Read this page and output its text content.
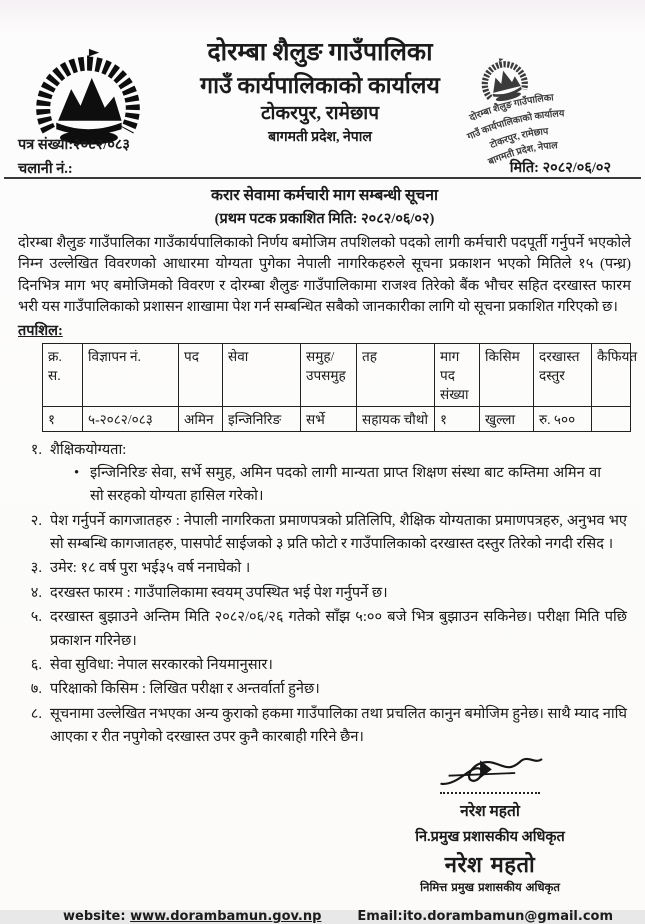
दोरम्बा शैलुङ गाउँपालिका
गाउँ कार्यपालिकाको कार्यालय
टोकरपुर, रामेछाप
बागमती प्रदेश, नेपाल
दोरम्बा शैलुङ गाउँपालिका
गाउँ कार्यपालिकाको कार्यालय
टोकरपुर, रामेछाप
बागमती प्रदेश, नेपाल
पत्र संख्या:२०८२/०८३
चलानी नं.:	मिति: २०८२/०६/०२
करार सेवामा कर्मचारी माग सम्बन्धी सूचना
(प्रथम पटक प्रकाशित मिति: २०८२/०६/०२)
दोरम्बा शैलुङ गाउँपालिका गाउँकार्यपालिकाको निर्णय बमोजिम तपशिलको पदको लागी कर्मचारी पदपूर्ती गर्नुपर्ने भएकोले निम्न उल्लेखित विवरणको आधारमा योग्यता पुगेका नेपाली नागरिकहरुले सूचना प्रकाशन भएको मितिले १५ (पन्ध्र) दिनभित्र माग भए बमोजिमको विवरण र दोरम्बा शैलुङ गाउँपालिकामा राजश्व तिरेको बैंक भौचर सहित दरखास्त फारम भरी यस गाउँपालिकाको प्रशासन शाखामा पेश गर्न सम्बन्धित सबैको जानकारीका लागि यो सूचना प्रकाशित गरिएको छ।
तपशिल:
क्र. स.	विज्ञापन नं.	पद	सेवा	समुह/ उपसमुह	तह	माग पद संख्या	किसिम	दरखास्त दस्तुर	कैफियत
१	५-२०८२/०८३	अमिन	इन्जिनिरिङ	सर्भे	सहायक चौथो	१	खुल्ला	रु. ५००	
१. शैक्षिकयोग्यता:
• इन्जिनिरिङ सेवा, सर्भे समुह, अमिन पदको लागी मान्यता प्राप्त शिक्षण संस्था बाट कम्तिमा अमिन वा सो सरहको योग्यता हासिल गरेको।
२. पेश गर्नुपर्ने कागजातहरु : नेपाली नागरिकता प्रमाणपत्रको प्रतिलिपि, शैक्षिक योग्यताका प्रमाणपत्रहरु, अनुभव भए सो सम्बन्धि कागजातहरु, पासपोर्ट साईजको ३ प्रति फोटो र गाउँपालिकाको दरखास्त दस्तुर तिरेको नगदी रसिद ।
३. उमेर: १८ वर्ष पुरा भई३५ वर्ष ननाघेको ।
४. दरखस्त फारम : गाउँपालिकामा स्वयम् उपस्थित भई पेश गर्नुपर्ने छ।
५. दरखास्त बुझाउने अन्तिम मिति २०८२/०६/२६ गतेको साँझ ५:०० बजे भित्र बुझाउन सकिनेछ। परीक्षा मिति पछि प्रकाशन गरिनेछ।
६. सेवा सुविधा: नेपाल सरकारको नियमानुसार।
७. परिक्षाको किसिम : लिखित परीक्षा र अन्तर्वार्ता हुनेछ।
८. सूचनामा उल्लेखित नभएका अन्य कुराको हकमा गाउँपालिका तथा प्रचलित कानुन बमोजिम हुनेछ। साथै म्याद नाघि आएका र रीत नपुगेको दरखास्त उपर कुनै कारबाही गरिने छैन।
नरेश महतो
नि.प्रमुख प्रशासकीय अधिकृत
नरेश महतो
निमित्त प्रमुख प्रशासकीय अधिकृत
website: www.dorambamun.gov.np	Email:ito.dorambamun@gmail.com
